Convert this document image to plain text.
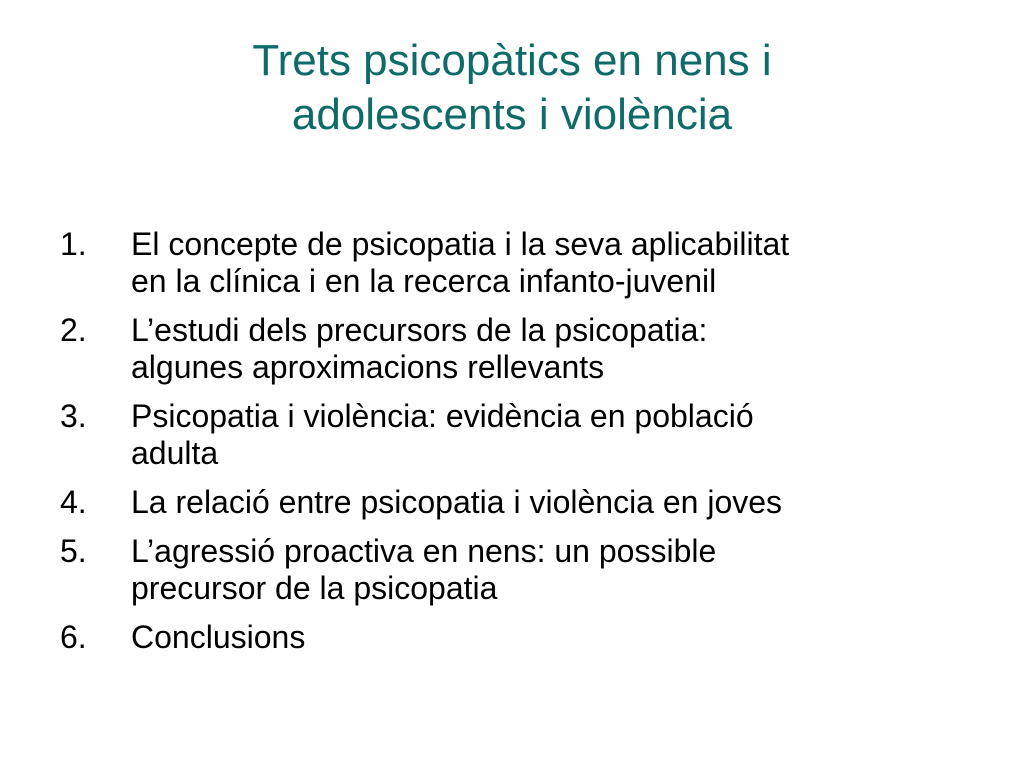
Trets psicopàtics en nens i
adolescents i violència
1.	El concepte de psicopatia i la seva aplicabilitat
en la clínica i en la recerca infanto-juvenil
2.	L’estudi dels precursors de la psicopatia:
algunes aproximacions rellevants
3.	Psicopatia i violència: evidència en població
adulta
4.	La relació entre psicopatia i violència en joves
5.	L’agressió proactiva en nens: un possible
precursor de la psicopatia
6.	Conclusions
